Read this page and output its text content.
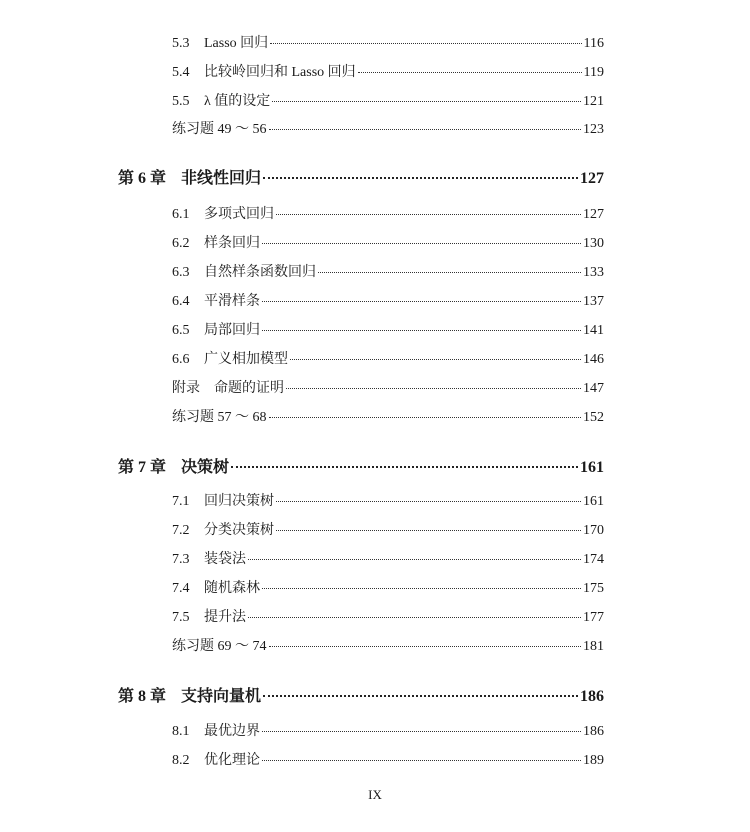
5.3	Lasso 回归	116
5.4	比较岭回归和 Lasso 回归	119
5.5	λ 值的设定	121
练习题 49 ～ 56	123
第 6 章 非线性回归	127
6.1	多项式回归	127
6.2	样条回归	130
6.3	自然样条函数回归	133
6.4	平滑样条	137
6.5	局部回归	141
6.6	广义相加模型	146
附录　命题的证明	147
练习题 57 ～ 68	152
第 7 章 决策树	161
7.1	回归决策树	161
7.2	分类决策树	170
7.3	装袋法	174
7.4	随机森林	175
7.5	提升法	177
练习题 69 ～ 74	181
第 8 章 支持向量机	186
8.1	最优边界	186
8.2	优化理论	189
IX
